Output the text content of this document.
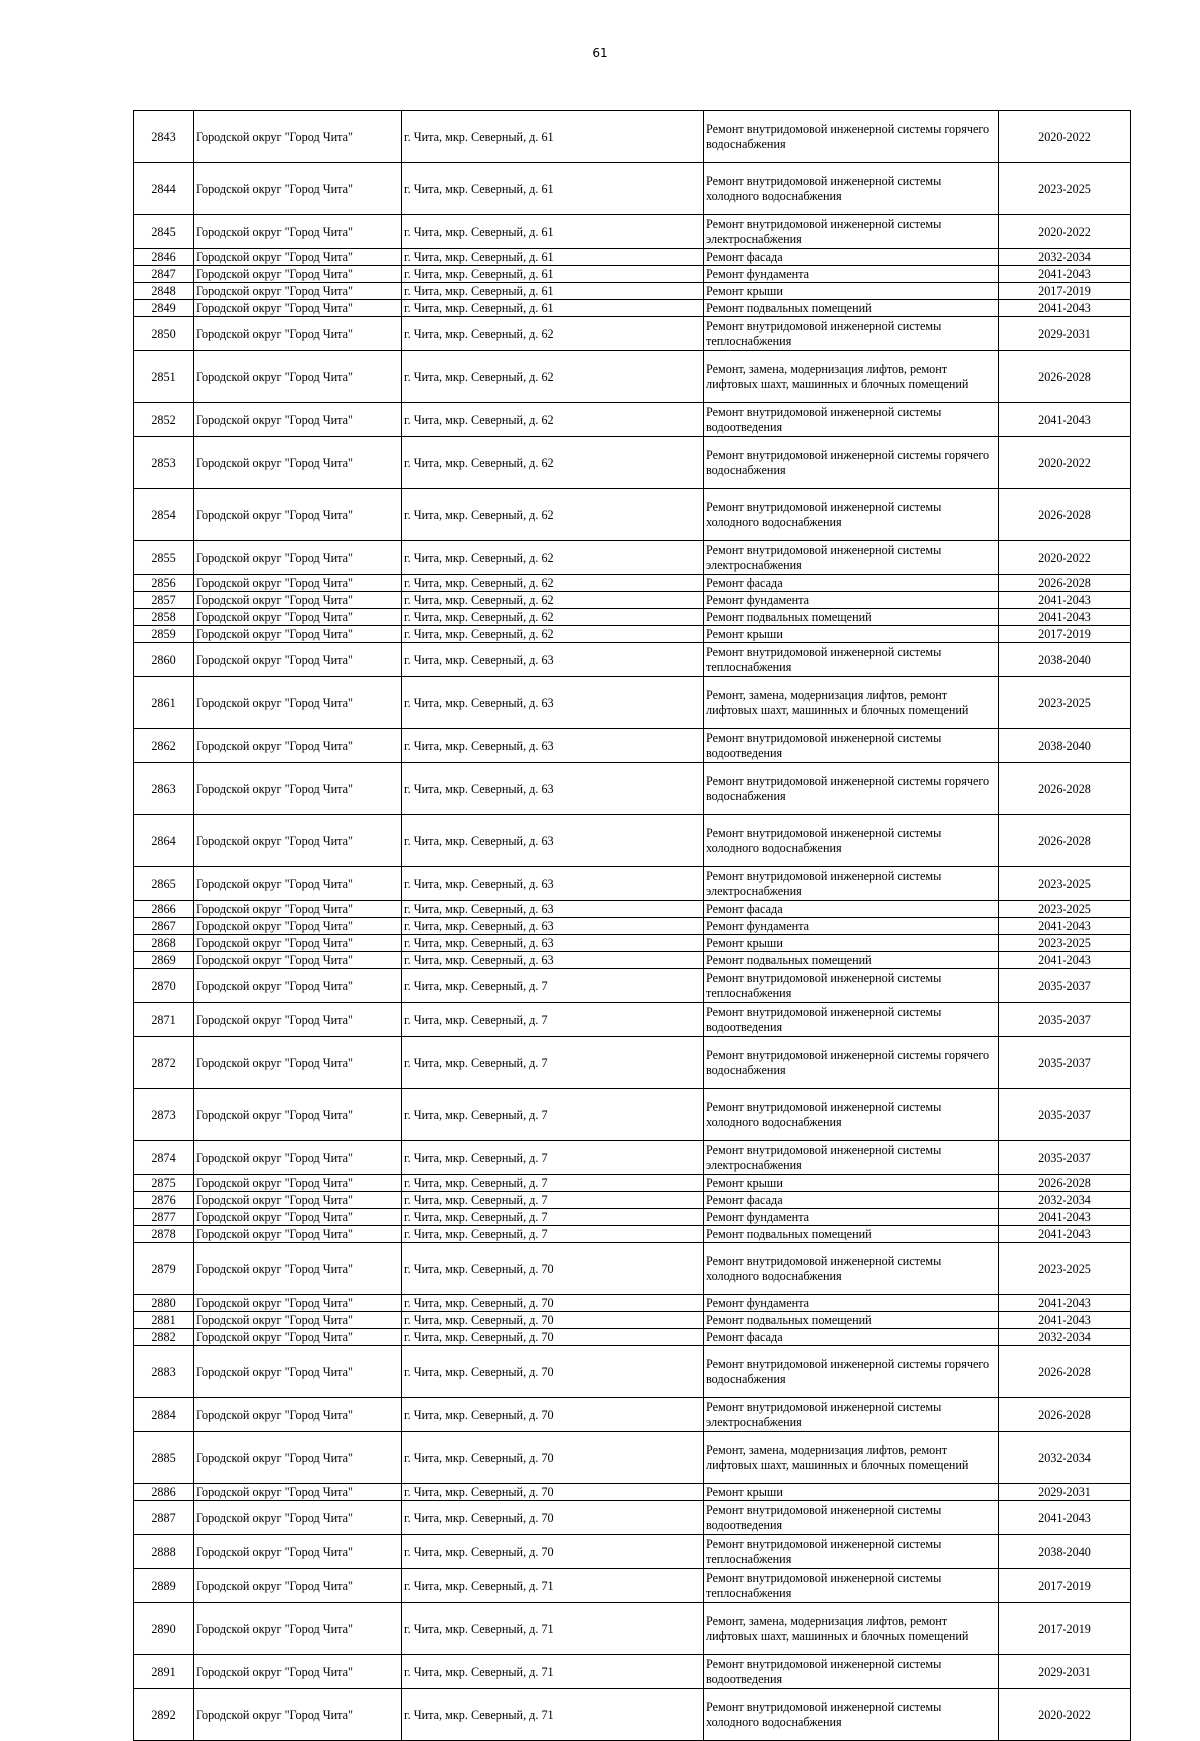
61
2843	Городской округ "Город Чита"	г. Чита, мкр. Северный, д. 61	Ремонт внутридомовой инженерной системы горячего водоснабжения	2020-2022
2844	Городской округ "Город Чита"	г. Чита, мкр. Северный, д. 61	Ремонт внутридомовой инженерной системы холодного водоснабжения	2023-2025
2845	Городской округ "Город Чита"	г. Чита, мкр. Северный, д. 61	Ремонт внутридомовой инженерной системы электроснабжения	2020-2022
2846	Городской округ "Город Чита"	г. Чита, мкр. Северный, д. 61	Ремонт фасада	2032-2034
2847	Городской округ "Город Чита"	г. Чита, мкр. Северный, д. 61	Ремонт фундамента	2041-2043
2848	Городской округ "Город Чита"	г. Чита, мкр. Северный, д. 61	Ремонт крыши	2017-2019
2849	Городской округ "Город Чита"	г. Чита, мкр. Северный, д. 61	Ремонт подвальных помещений	2041-2043
2850	Городской округ "Город Чита"	г. Чита, мкр. Северный, д. 62	Ремонт внутридомовой инженерной системы теплоснабжения	2029-2031
2851	Городской округ "Город Чита"	г. Чита, мкр. Северный, д. 62	Ремонт, замена, модернизация лифтов, ремонт лифтовых шахт, машинных и блочных помещений	2026-2028
2852	Городской округ "Город Чита"	г. Чита, мкр. Северный, д. 62	Ремонт внутридомовой инженерной системы водоотведения	2041-2043
2853	Городской округ "Город Чита"	г. Чита, мкр. Северный, д. 62	Ремонт внутридомовой инженерной системы горячего водоснабжения	2020-2022
2854	Городской округ "Город Чита"	г. Чита, мкр. Северный, д. 62	Ремонт внутридомовой инженерной системы холодного водоснабжения	2026-2028
2855	Городской округ "Город Чита"	г. Чита, мкр. Северный, д. 62	Ремонт внутридомовой инженерной системы электроснабжения	2020-2022
2856	Городской округ "Город Чита"	г. Чита, мкр. Северный, д. 62	Ремонт фасада	2026-2028
2857	Городской округ "Город Чита"	г. Чита, мкр. Северный, д. 62	Ремонт фундамента	2041-2043
2858	Городской округ "Город Чита"	г. Чита, мкр. Северный, д. 62	Ремонт подвальных помещений	2041-2043
2859	Городской округ "Город Чита"	г. Чита, мкр. Северный, д. 62	Ремонт крыши	2017-2019
2860	Городской округ "Город Чита"	г. Чита, мкр. Северный, д. 63	Ремонт внутридомовой инженерной системы теплоснабжения	2038-2040
2861	Городской округ "Город Чита"	г. Чита, мкр. Северный, д. 63	Ремонт, замена, модернизация лифтов, ремонт лифтовых шахт, машинных и блочных помещений	2023-2025
2862	Городской округ "Город Чита"	г. Чита, мкр. Северный, д. 63	Ремонт внутридомовой инженерной системы водоотведения	2038-2040
2863	Городской округ "Город Чита"	г. Чита, мкр. Северный, д. 63	Ремонт внутридомовой инженерной системы горячего водоснабжения	2026-2028
2864	Городской округ "Город Чита"	г. Чита, мкр. Северный, д. 63	Ремонт внутридомовой инженерной системы холодного водоснабжения	2026-2028
2865	Городской округ "Город Чита"	г. Чита, мкр. Северный, д. 63	Ремонт внутридомовой инженерной системы электроснабжения	2023-2025
2866	Городской округ "Город Чита"	г. Чита, мкр. Северный, д. 63	Ремонт фасада	2023-2025
2867	Городской округ "Город Чита"	г. Чита, мкр. Северный, д. 63	Ремонт фундамента	2041-2043
2868	Городской округ "Город Чита"	г. Чита, мкр. Северный, д. 63	Ремонт крыши	2023-2025
2869	Городской округ "Город Чита"	г. Чита, мкр. Северный, д. 63	Ремонт подвальных помещений	2041-2043
2870	Городской округ "Город Чита"	г. Чита, мкр. Северный, д. 7	Ремонт внутридомовой инженерной системы теплоснабжения	2035-2037
2871	Городской округ "Город Чита"	г. Чита, мкр. Северный, д. 7	Ремонт внутридомовой инженерной системы водоотведения	2035-2037
2872	Городской округ "Город Чита"	г. Чита, мкр. Северный, д. 7	Ремонт внутридомовой инженерной системы горячего водоснабжения	2035-2037
2873	Городской округ "Город Чита"	г. Чита, мкр. Северный, д. 7	Ремонт внутридомовой инженерной системы холодного водоснабжения	2035-2037
2874	Городской округ "Город Чита"	г. Чита, мкр. Северный, д. 7	Ремонт внутридомовой инженерной системы электроснабжения	2035-2037
2875	Городской округ "Город Чита"	г. Чита, мкр. Северный, д. 7	Ремонт крыши	2026-2028
2876	Городской округ "Город Чита"	г. Чита, мкр. Северный, д. 7	Ремонт фасада	2032-2034
2877	Городской округ "Город Чита"	г. Чита, мкр. Северный, д. 7	Ремонт фундамента	2041-2043
2878	Городской округ "Город Чита"	г. Чита, мкр. Северный, д. 7	Ремонт подвальных помещений	2041-2043
2879	Городской округ "Город Чита"	г. Чита, мкр. Северный, д. 70	Ремонт внутридомовой инженерной системы холодного водоснабжения	2023-2025
2880	Городской округ "Город Чита"	г. Чита, мкр. Северный, д. 70	Ремонт фундамента	2041-2043
2881	Городской округ "Город Чита"	г. Чита, мкр. Северный, д. 70	Ремонт подвальных помещений	2041-2043
2882	Городской округ "Город Чита"	г. Чита, мкр. Северный, д. 70	Ремонт фасада	2032-2034
2883	Городской округ "Город Чита"	г. Чита, мкр. Северный, д. 70	Ремонт внутридомовой инженерной системы горячего водоснабжения	2026-2028
2884	Городской округ "Город Чита"	г. Чита, мкр. Северный, д. 70	Ремонт внутридомовой инженерной системы электроснабжения	2026-2028
2885	Городской округ "Город Чита"	г. Чита, мкр. Северный, д. 70	Ремонт, замена, модернизация лифтов, ремонт лифтовых шахт, машинных и блочных помещений	2032-2034
2886	Городской округ "Город Чита"	г. Чита, мкр. Северный, д. 70	Ремонт крыши	2029-2031
2887	Городской округ "Город Чита"	г. Чита, мкр. Северный, д. 70	Ремонт внутридомовой инженерной системы водоотведения	2041-2043
2888	Городской округ "Город Чита"	г. Чита, мкр. Северный, д. 70	Ремонт внутридомовой инженерной системы теплоснабжения	2038-2040
2889	Городской округ "Город Чита"	г. Чита, мкр. Северный, д. 71	Ремонт внутридомовой инженерной системы теплоснабжения	2017-2019
2890	Городской округ "Город Чита"	г. Чита, мкр. Северный, д. 71	Ремонт, замена, модернизация лифтов, ремонт лифтовых шахт, машинных и блочных помещений	2017-2019
2891	Городской округ "Город Чита"	г. Чита, мкр. Северный, д. 71	Ремонт внутридомовой инженерной системы водоотведения	2029-2031
2892	Городской округ "Город Чита"	г. Чита, мкр. Северный, д. 71	Ремонт внутридомовой инженерной системы холодного водоснабжения	2020-2022
